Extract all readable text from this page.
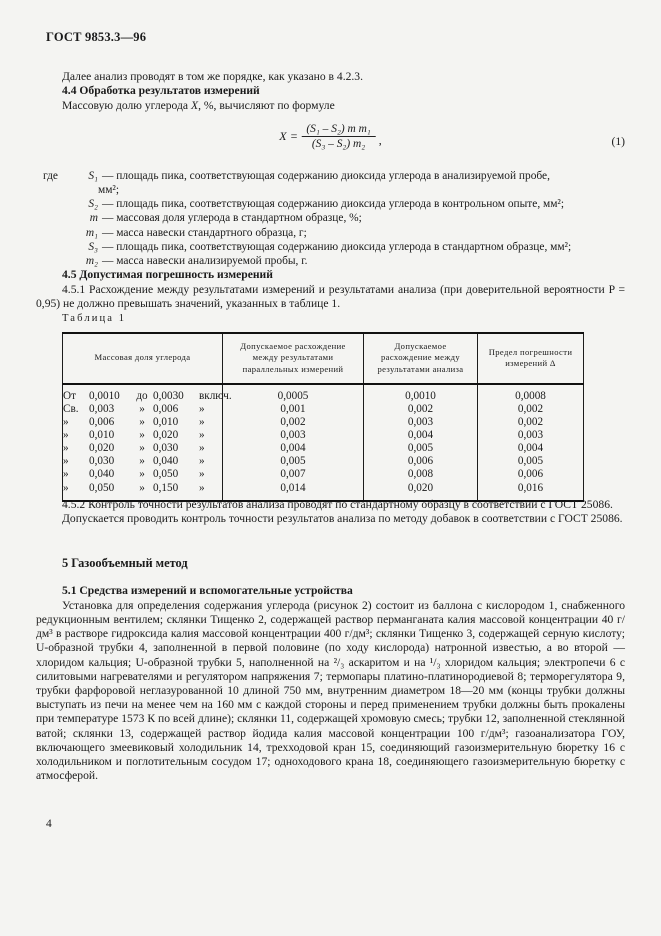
ГОСТ 9853.3—96

Далее анализ проводят в том же порядке, как указано в 4.2.3.

4.4 Обработка результатов измерений

Массовую долю углерода X, %, вычисляют по формуле

$X = \frac{\text{(S₁ – S₂) m m₁}}{\text{(S₃ – S₂) m₂}}$ ,	(1)
где	S₁ — площадь пика, соответствующая содержанию диоксида углерода в анализируемой пробе,
мм²;
S₂ — площадь пика, соответствующая содержанию диоксида углерода в контрольном опыте, мм²;
m — массовая доля углерода в стандартном образце, %;
m₁ — масса навески стандартного образца, г;
S₃ — площадь пика, соответствующая содержанию диоксида углерода в стандартном образце, мм²;
m₂ — масса навески анализируемой пробы, г.

4.5 Допустимая погрешность измерений

4.5.1 Расхождение между результатами измерений и результатами анализа (при доверительной вероятности P = 0,95) не должно превышать значений, указанных в таблице 1.

Таблица 1
Массовая доля углерода	Допускаемое расхождение между результатами параллельных измерений	Допускаемое расхождение между результатами анализа	Предел погрешности измерений Δ
От 0,0010 до 0,0030 включ.	0,0005	0,0010	0,0008
Св. 0,003 » 0,006 »	0,001	0,002	0,002
» 0,006 » 0,010 »	0,002	0,003	0,002
» 0,010 » 0,020 »	0,003	0,004	0,003
» 0,020 » 0,030 »	0,004	0,005	0,004
» 0,030 » 0,040 »	0,005	0,006	0,005
» 0,040 » 0,050 »	0,007	0,008	0,006
» 0,050 » 0,150 »	0,014	0,020	0,016

4.5.2 Контроль точности результатов анализа проводят по стандартному образцу в соответствии с ГОСТ 25086.

Допускается проводить контроль точности результатов анализа по методу добавок в соответствии с ГОСТ 25086.

5 Газообъемный метод

5.1 Средства измерений и вспомогательные устройства

Установка для определения содержания углерода (рисунок 2) состоит из баллона с кислородом 1, снабженного редукционным вентилем; склянки Тищенко 2, содержащей раствор перманганата калия массовой концентрации 40 г/дм³ в растворе гидроксида калия массовой концентрации 400 г/дм³; склянки Тищенко 3, содержащей серную кислоту; U-образной трубки 4, заполненной в первой половине (по ходу кислорода) натронной известью, а во второй — хлоридом кальция; U-образной трубки 5, наполненной на ²/₃ аскаритом и на ¹/₃ хлоридом кальция; электропечи 6 с силитовыми нагревателями и регулятором напряжения 7; термопары платино-платинородиевой 8; терморегулятора 9, трубки фарфоровой неглазурованной 10 длиной 750 мм, внутренним диаметром 18—20 мм (концы трубки должны выступать из печи на менее чем на 160 мм с каждой стороны и перед применением трубки должны быть прокалены при температуре 1573 К по всей длине); склянки 11, содержащей хромовую смесь; трубки 12, заполненной стеклянной ватой; склянки 13, содержащей раствор йодида калия массовой концентрации 100 г/дм³; газоанализатора ГОУ, включающего змеевиковый холодильник 14, трехходовой кран 15, соединяющий газоизмерительную бюретку 16 с холодильником и поглотительным сосудом 17; одноходового крана 18, соединяющего газоизмерительную бюретку с атмосферой.

4
